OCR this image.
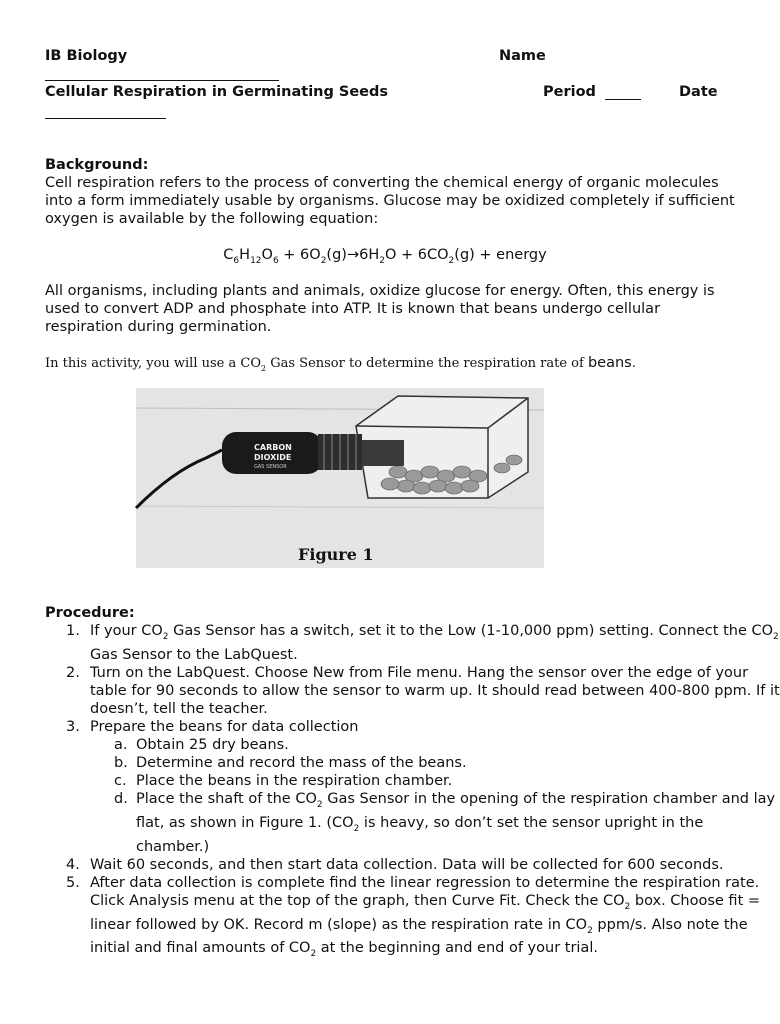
IB Biology	Name
Cellular Respiration in Germinating Seeds	Period	Date
Background:
Cell respiration refers to the process of converting the chemical energy of organic molecules into a form immediately usable by organisms. Glucose may be oxidized completely if sufficient oxygen is available by the following equation:
$C_6H_{12}O_6 + 6O_2(g)\to 6H_2O + 6CO_2(g)$ + energy
All organisms, including plants and animals, oxidize glucose for energy. Often, this energy is used to convert ADP and phosphate into ATP. It is known that beans undergo cellular respiration during germination.
In this activity, you will use a $CO_2$ Gas Sensor to determine the respiration rate of beans.
CARBON
DIOXIDE
GAS SENSOR
Figure 1
Procedure:
1. If your $CO_2$ Gas Sensor has a switch, set it to the Low (1-10,000 ppm) setting. Connect the $CO_2$ Gas Sensor to the LabQuest.
2. Turn on the LabQuest. Choose New from File menu. Hang the sensor over the edge of your table for 90 seconds to allow the sensor to warm up. It should read between 400-800 ppm. If it doesn’t, tell the teacher.
3. Prepare the beans for data collection
a. Obtain 25 dry beans.
b. Determine and record the mass of the beans.
c. Place the beans in the respiration chamber.
d. Place the shaft of the $CO_2$ Gas Sensor in the opening of the respiration chamber and lay flat, as shown in Figure 1. ($CO_2$ is heavy, so don’t set the sensor upright in the chamber.)
4. Wait 60 seconds, and then start data collection. Data will be collected for 600 seconds.
5. After data collection is complete find the linear regression to determine the respiration rate. Click Analysis menu at the top of the graph, then Curve Fit. Check the $CO_2$ box. Choose fit = linear followed by OK. Record m (slope) as the respiration rate in $CO_2$ ppm/s. Also note the initial and final amounts of $CO_2$ at the beginning and end of your trial.
